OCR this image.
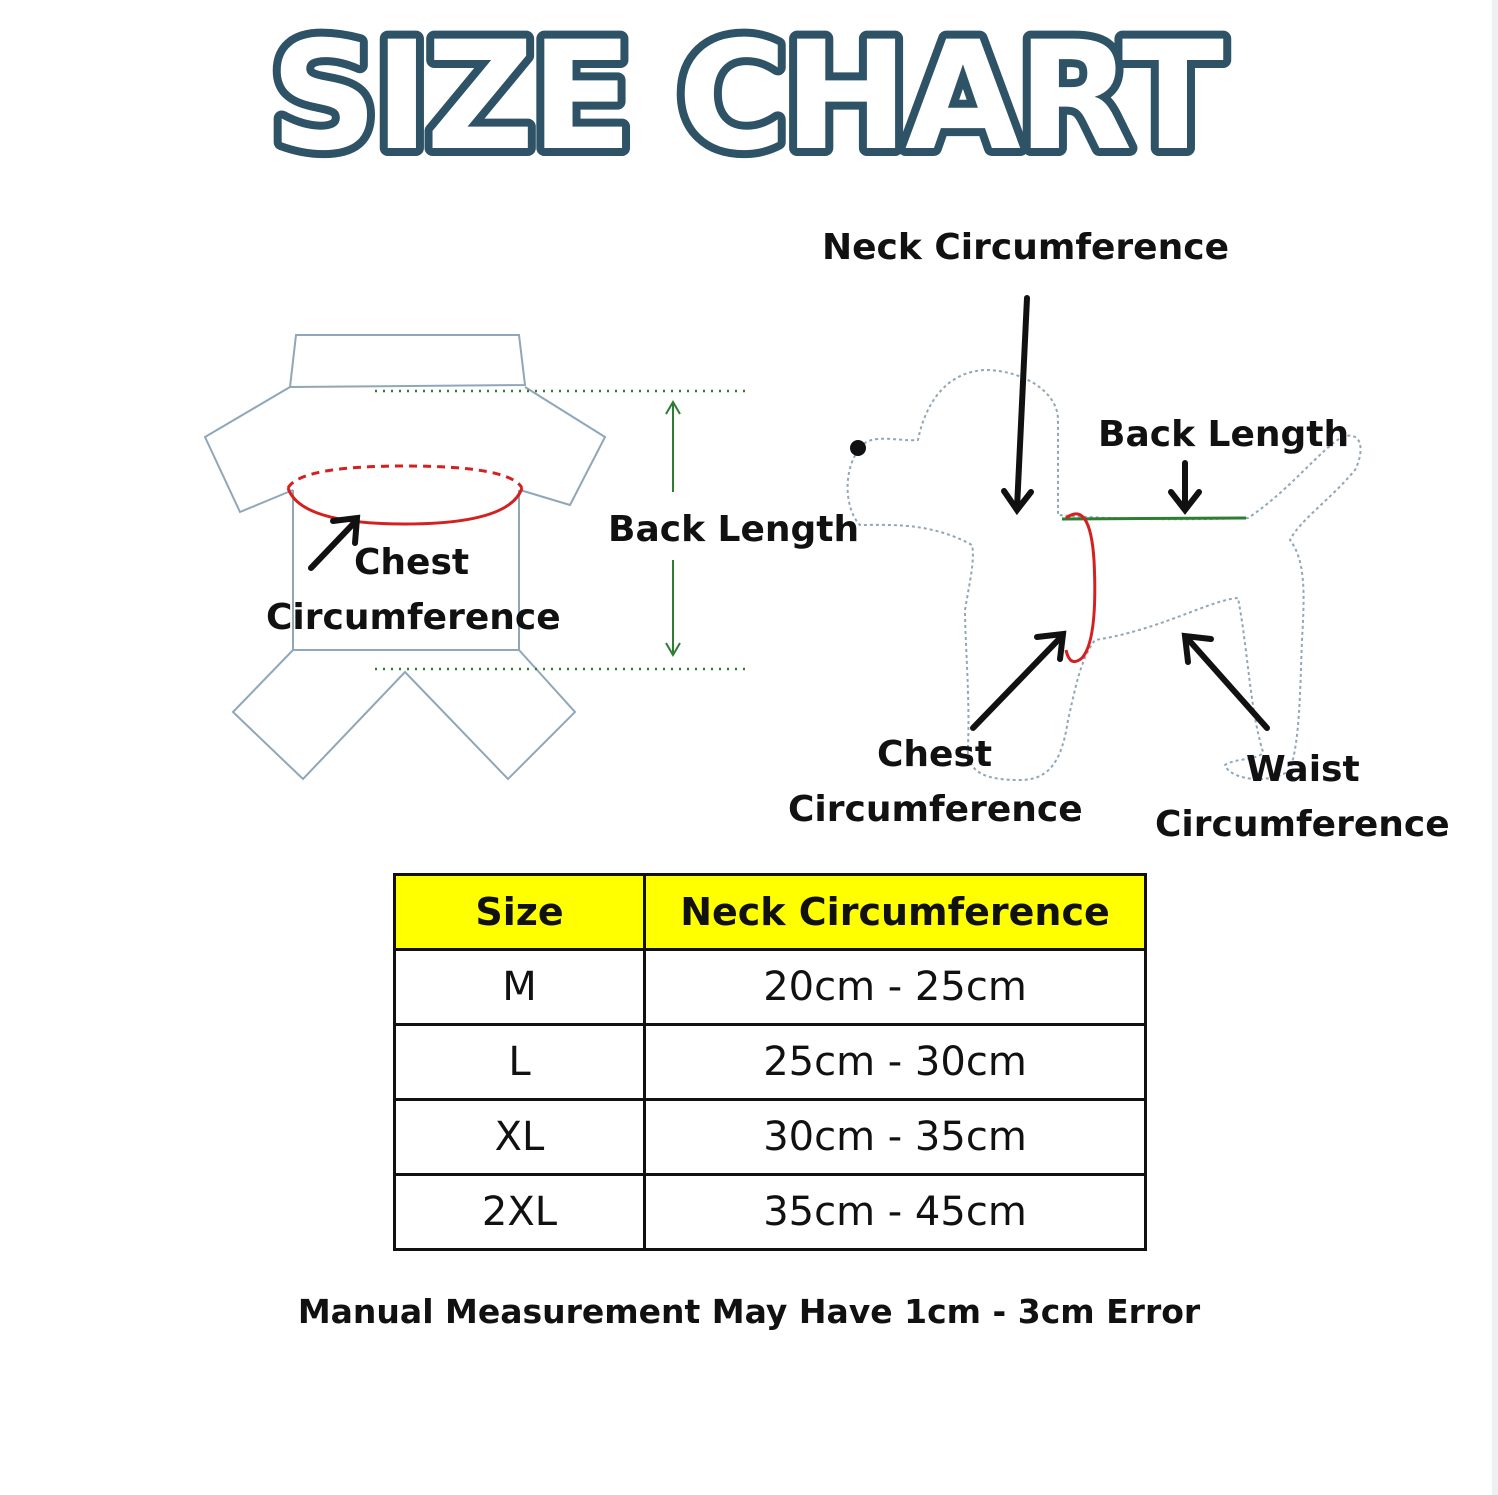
SIZE CHART
Chest
Circumference
Back Length
Neck Circumference
Back Length
Chest
Circumference
Waist
Circumference
Size	Neck Circumference
M	20cm - 25cm
L	25cm - 30cm
XL	30cm - 35cm
2XL	35cm - 45cm
Manual Measurement May Have 1cm - 3cm Error
